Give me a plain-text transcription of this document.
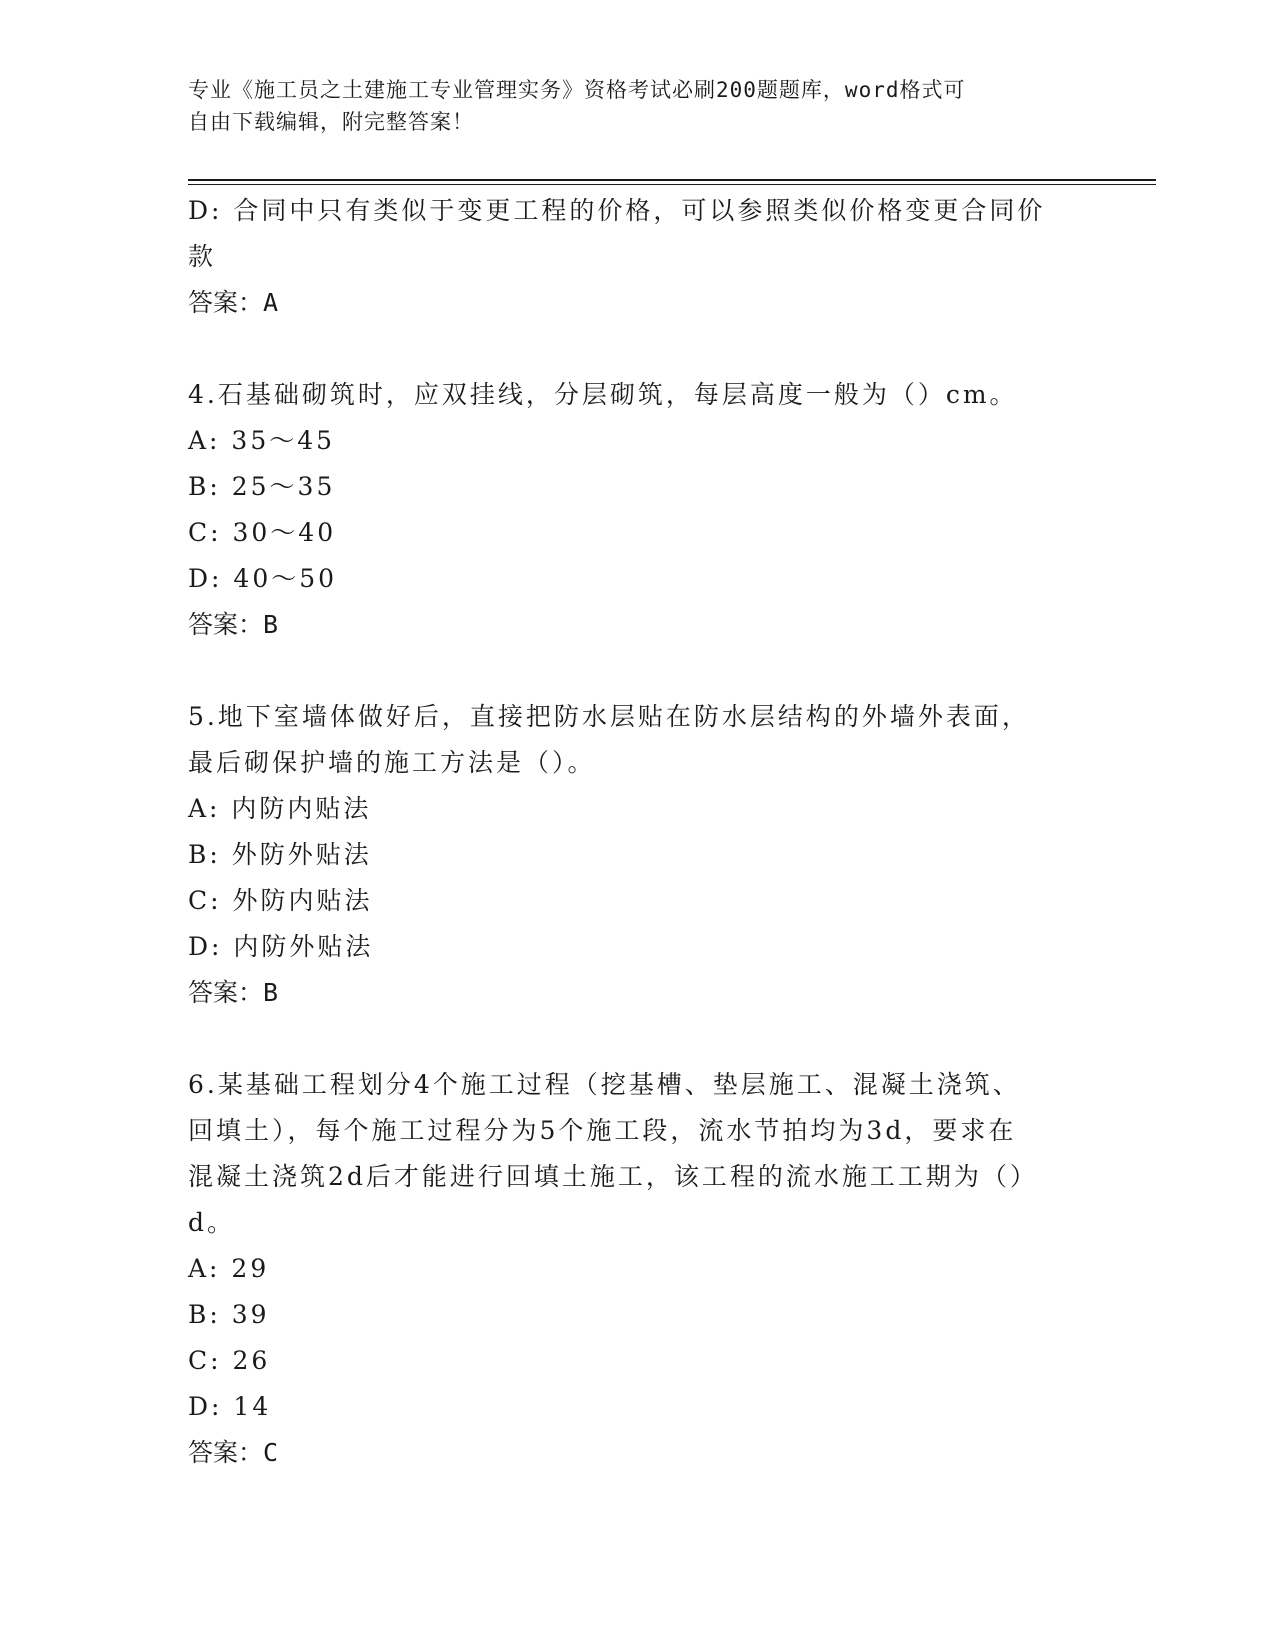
专业《施工员之土建施工专业管理实务》资格考试必刷200题题库，word格式可
自由下载编辑，附完整答案！
D: 合同中只有类似于变更工程的价格，可以参照类似价格变更合同价
款
答案：A
4.石基础砌筑时，应双挂线，分层砌筑，每层高度一般为（）cm。
A: 35～45
B: 25～35
C: 30～40
D: 40～50
答案：B
5.地下室墙体做好后，直接把防水层贴在防水层结构的外墙外表面，
最后砌保护墙的施工方法是（）。
A: 内防内贴法
B: 外防外贴法
C: 外防内贴法
D: 内防外贴法
答案：B
6.某基础工程划分4个施工过程（挖基槽、垫层施工、混凝土浇筑、
回填土），每个施工过程分为5个施工段，流水节拍均为3d，要求在
混凝土浇筑2d后才能进行回填土施工，该工程的流水施工工期为（）
d。
A: 29
B: 39
C: 26
D: 14
答案：C
